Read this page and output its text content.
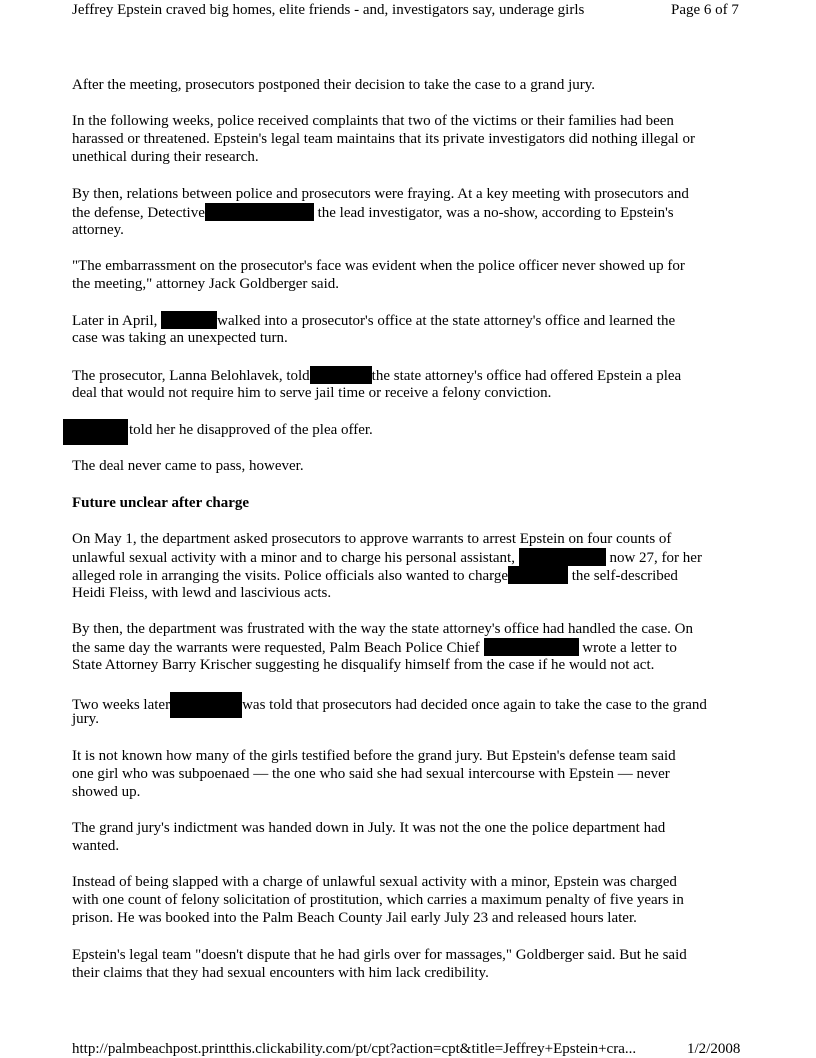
Jeffrey Epstein craved big homes, elite friends - and, investigators say, underage girls	Page 6 of 7
After the meeting, prosecutors postponed their decision to take the case to a grand jury.
In the following weeks, police received complaints that two of the victims or their families had been
harassed or threatened. Epstein's legal team maintains that its private investigators did nothing illegal or
unethical during their research.
By then, relations between police and prosecutors were fraying. At a key meeting with prosecutors and
the defense, Detective	the lead investigator, was a no-show, according to Epstein's
attorney.
"The embarrassment on the prosecutor's face was evident when the police officer never showed up for
the meeting," attorney Jack Goldberger said.
Later in April,	walked into a prosecutor's office at the state attorney's office and learned the
case was taking an unexpected turn.
The prosecutor, Lanna Belohlavek, told	the state attorney's office had offered Epstein a plea
deal that would not require him to serve jail time or receive a felony conviction.
told her he disapproved of the plea offer.
The deal never came to pass, however.
Future unclear after charge
On May 1, the department asked prosecutors to approve warrants to arrest Epstein on four counts of
unlawful sexual activity with a minor and to charge his personal assistant,	now 27, for her
alleged role in arranging the visits. Police officials also wanted to charge	the self-described
Heidi Fleiss, with lewd and lascivious acts.
By then, the department was frustrated with the way the state attorney's office had handled the case. On
the same day the warrants were requested, Palm Beach Police Chief	wrote a letter to
State Attorney Barry Krischer suggesting he disqualify himself from the case if he would not act.
Two weeks later	was told that prosecutors had decided once again to take the case to the grand
jury.
It is not known how many of the girls testified before the grand jury. But Epstein's defense team said
one girl who was subpoenaed — the one who said she had sexual intercourse with Epstein — never
showed up.
The grand jury's indictment was handed down in July. It was not the one the police department had
wanted.
Instead of being slapped with a charge of unlawful sexual activity with a minor, Epstein was charged
with one count of felony solicitation of prostitution, which carries a maximum penalty of five years in
prison. He was booked into the Palm Beach County Jail early July 23 and released hours later.
Epstein's legal team "doesn't dispute that he had girls over for massages," Goldberger said. But he said
their claims that they had sexual encounters with him lack credibility.
http://palmbeachpost.printthis.clickability.com/pt/cpt?action=cpt&title=Jeffrey+Epstein+cra...	1/2/2008
